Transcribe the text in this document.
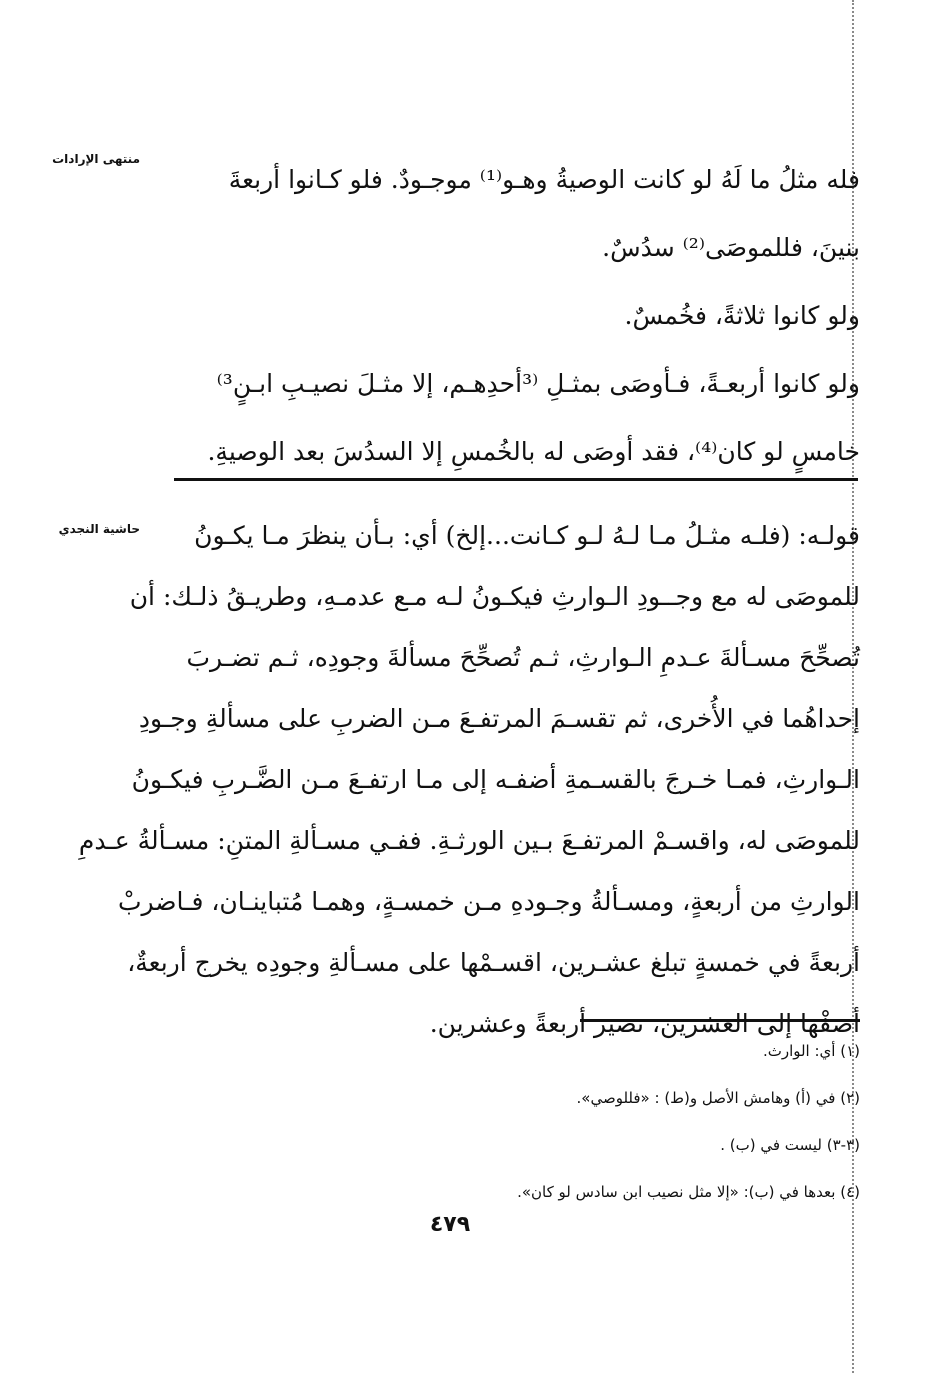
منتهى الإرادات
حاشية النجدي
فله مثلُ ما لَهُ لو كانت الوصيةُ وهـو⁽¹⁾ موجـودٌ. فلو كـانوا أربعةَ
بنينَ، فللموصَى⁽²⁾ سدُسٌ.
ولو كانوا ثلاثةً، فخُمسٌ.
ولو كانوا أربعـةً، فـأوصَى بمثـلِ ⁽³أحدِهـم، إلا مثـلَ نصيـبِ ابـنٍ³⁾
خامسٍ لو كان⁽⁴⁾، فقد أوصَى له بالخُمسِ إلا السدُسَ بعد الوصيةِ.
قولـه: (فلـه مثـلُ مـا لـهُ لـو كـانت...إلخ) أي: بـأن ينظرَ مـا يكـونُ
للموصَى له مع وجــودِ الـوارثِ فيكـونُ لـه مـع عدمـهِ، وطريـقُ ذلـك: أن
تُصحِّحَ مسـألةَ عـدمِ الـوارثِ، ثـم تُصحِّحَ مسألةَ وجودِه، ثـم تضـربَ
إحداهُما في الأُخرى، ثم تقسـمَ المرتفـعَ مـن الضربِ على مسألةِ وجـودِ
الـوارثِ، فمـا خـرجَ بالقسـمةِ أضفـه إلى مـا ارتفـعَ مـن الضَّـربِ فيكـونُ
للموصَى له، واقسـمْ المرتفـعَ بـين الورثـةِ. ففـي مسـألةِ المتنِ: مسـألةُ عـدمِ
الوارثِ من أربعةٍ، ومسـألةُ وجـودهِ مـن خمسـةٍ، وهمـا مُتباينـان، فـاضربْ
أربعةً في خمسةٍ تبلغ عشـرين، اقسـمْها على مسـألةِ وجودِه يخرج أربعةٌ،
أضفْها إلى العشرين، تصير أربعةً وعشرين.
(١) أي: الوارث.
(٢) في (أ) وهامش الأصل و(ط) : «فللوصي».
(٣-٣) ليست في (ب) .
(٤) بعدها في (ب): «إلا مثل نصيب ابن سادس لو كان».
٤٧٩
